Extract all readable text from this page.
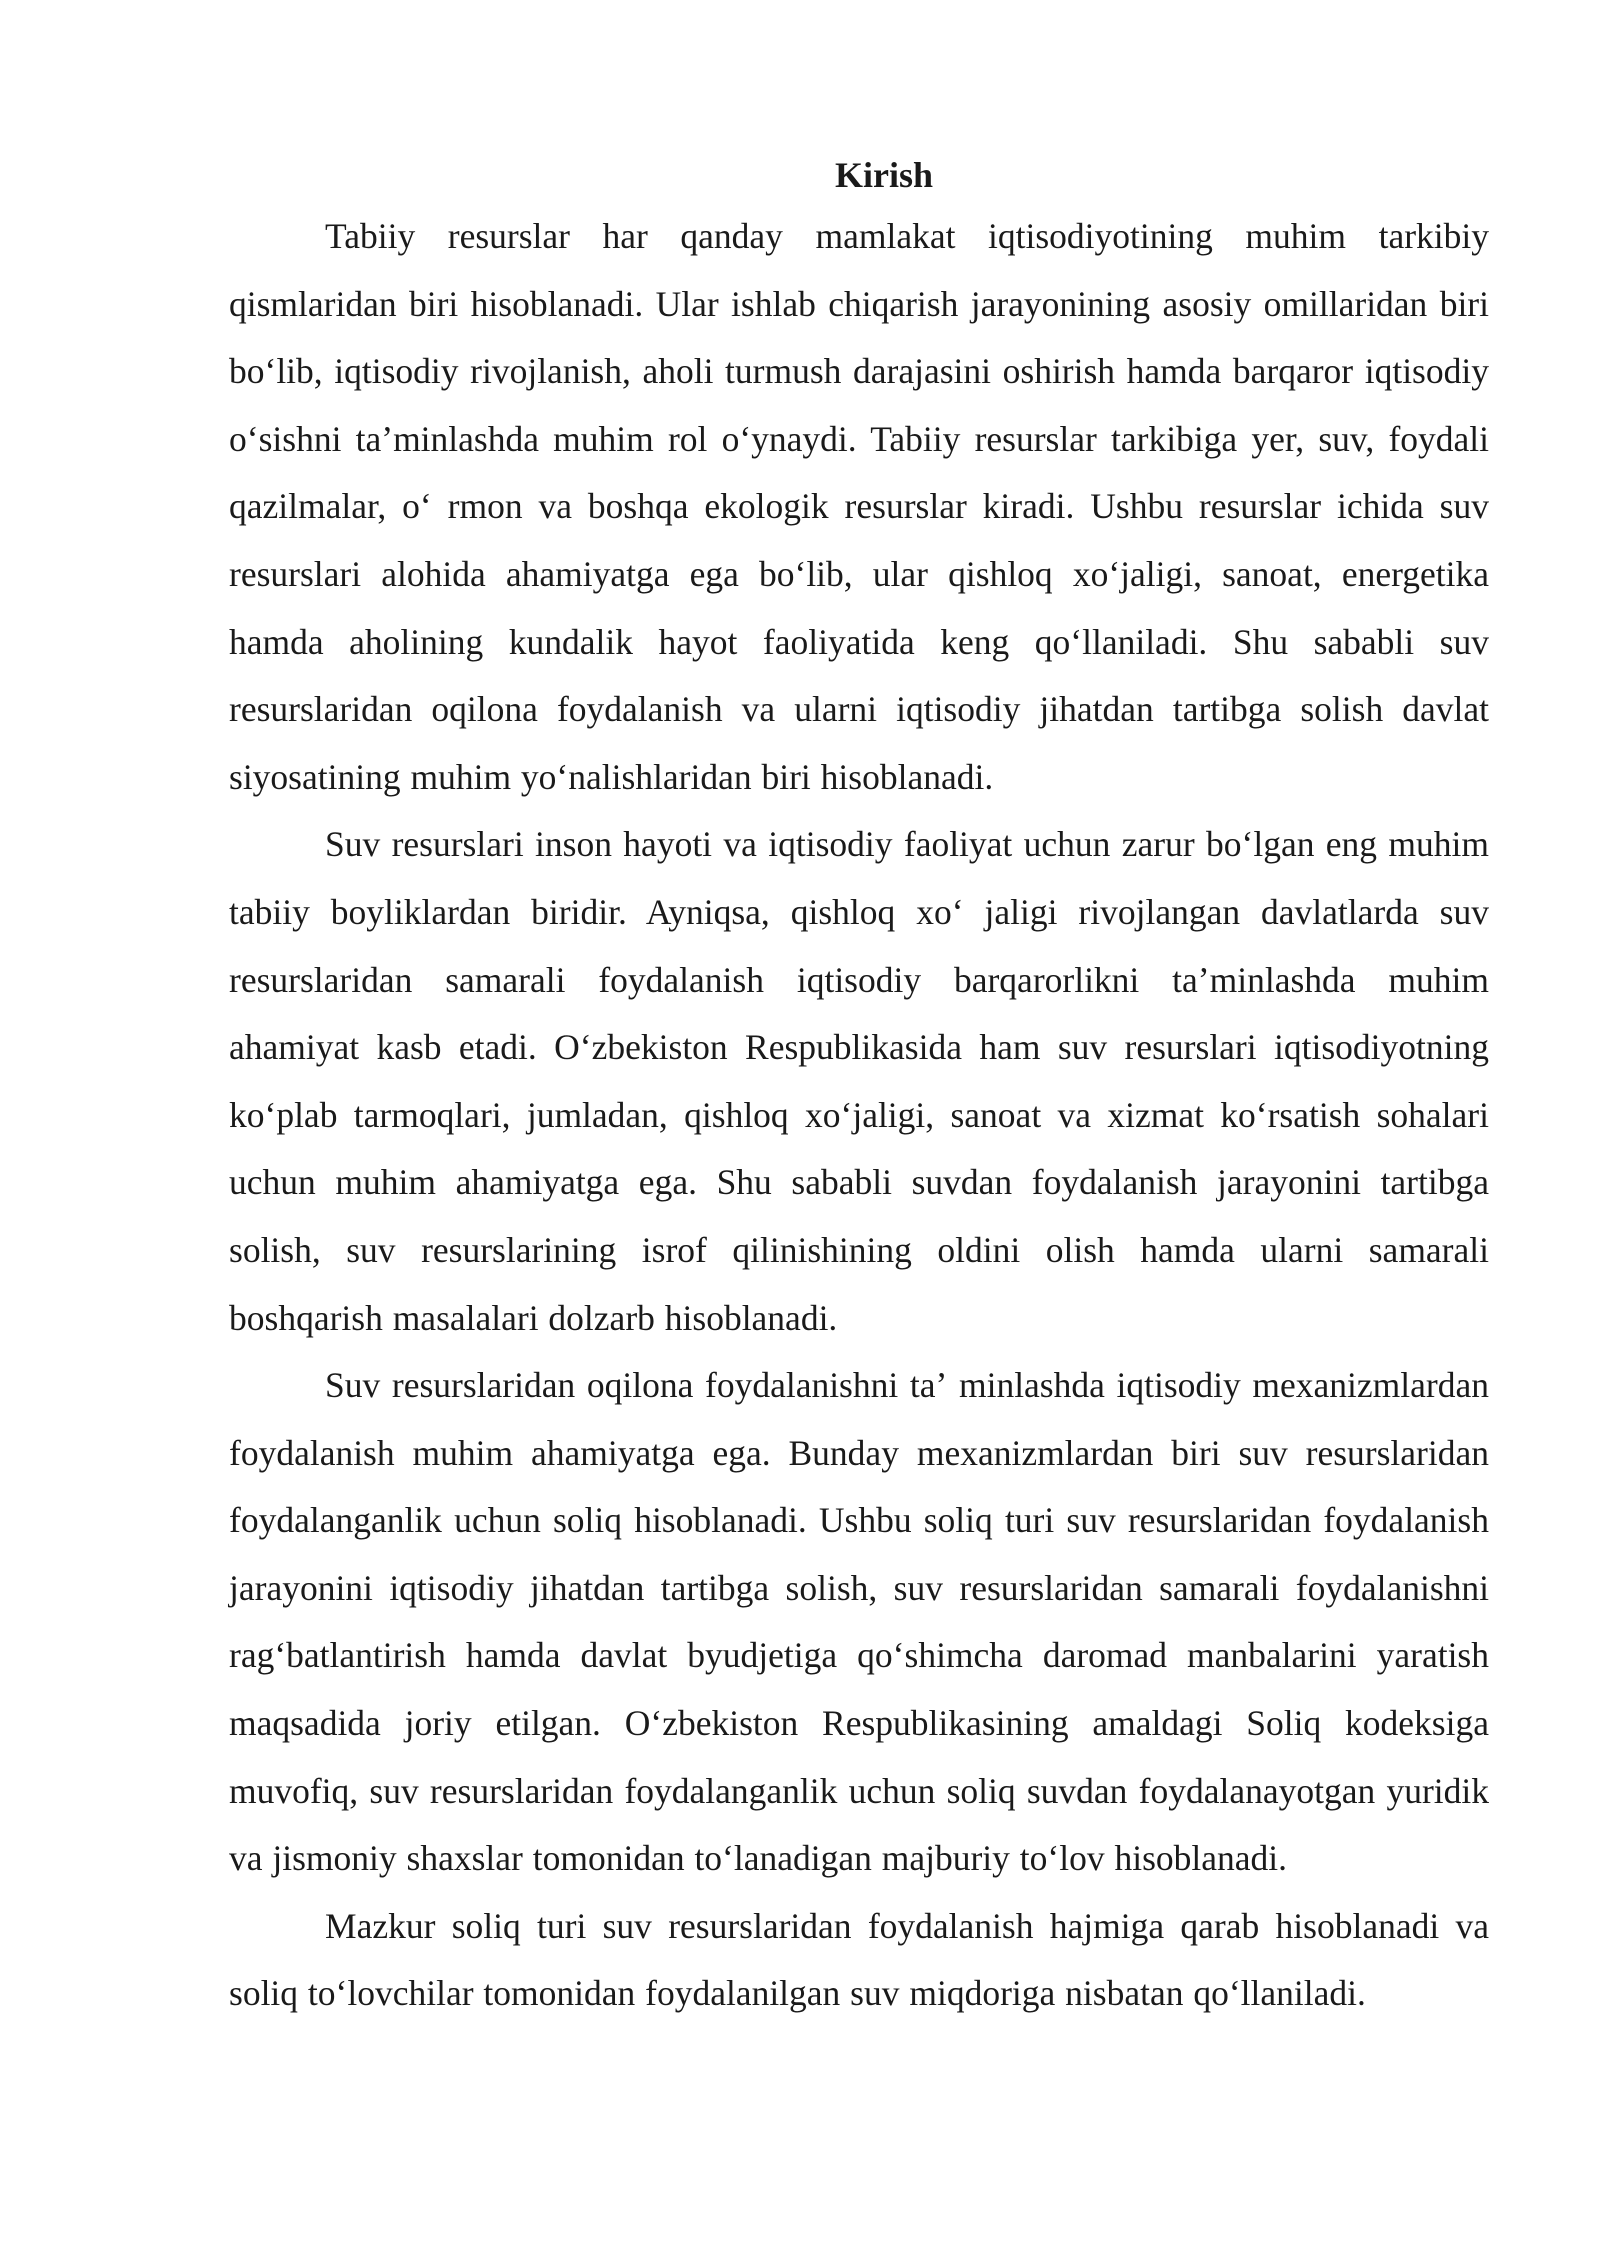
Kirish

Tabiiy resurslar har qanday mamlakat iqtisodiyotining muhim tarkibiy qismlaridan biri hisoblanadi. Ular ishlab chiqarish jarayonining asosiy omillaridan biri boʻlib, iqtisodiy rivojlanish, aholi turmush darajasini oshirish hamda barqaror iqtisodiy oʻsishni taʼminlashda muhim rol oʻynaydi. Tabiiy resurslar tarkibiga yer, suv, foydali qazilmalar, oʻ rmon va boshqa ekologik resurslar kiradi. Ushbu resurslar ichida suv resurslari alohida ahamiyatga ega boʻlib, ular qishloq xoʻjaligi, sanoat, energetika hamda aholining kundalik hayot faoliyatida keng qoʻllaniladi. Shu sababli suv resurslaridan oqilona foydalanish va ularni iqtisodiy jihatdan tartibga solish davlat siyosatining muhim yoʻnalishlaridan biri hisoblanadi.

Suv resurslari inson hayoti va iqtisodiy faoliyat uchun zarur boʻlgan eng muhim tabiiy boyliklardan biridir. Ayniqsa, qishloq xoʻ jaligi rivojlangan davlatlarda suv resurslaridan samarali foydalanish iqtisodiy barqarorlikni taʼminlashda muhim ahamiyat kasb etadi. Oʻzbekiston Respublikasida ham suv resurslari iqtisodiyotning koʻplab tarmoqlari, jumladan, qishloq xoʻjaligi, sanoat va xizmat koʻrsatish sohalari uchun muhim ahamiyatga ega. Shu sababli suvdan foydalanish jarayonini tartibga solish, suv resurslarining isrof qilinishining oldini olish hamda ularni samarali boshqarish masalalari dolzarb hisoblanadi.

Suv resurslaridan oqilona foydalanishni taʼ minlashda iqtisodiy mexanizmlardan foydalanish muhim ahamiyatga ega. Bunday mexanizmlardan biri suv resurslaridan foydalanganlik uchun soliq hisoblanadi. Ushbu soliq turi suv resurslaridan foydalanish jarayonini iqtisodiy jihatdan tartibga solish, suv resurslaridan samarali foydalanishni ragʻbatlantirish hamda davlat byudjetiga qoʻshimcha daromad manbalarini yaratish maqsadida joriy etilgan. Oʻzbekiston Respublikasining amaldagi Soliq kodeksiga muvofiq, suv resurslaridan foydalanganlik uchun soliq suvdan foydalanayotgan yuridik va jismoniy shaxslar tomonidan toʻlanadigan majburiy toʻlov hisoblanadi.

Mazkur soliq turi suv resurslaridan foydalanish hajmiga qarab hisoblanadi va soliq toʻlovchilar tomonidan foydalanilgan suv miqdoriga nisbatan qoʻllaniladi.
